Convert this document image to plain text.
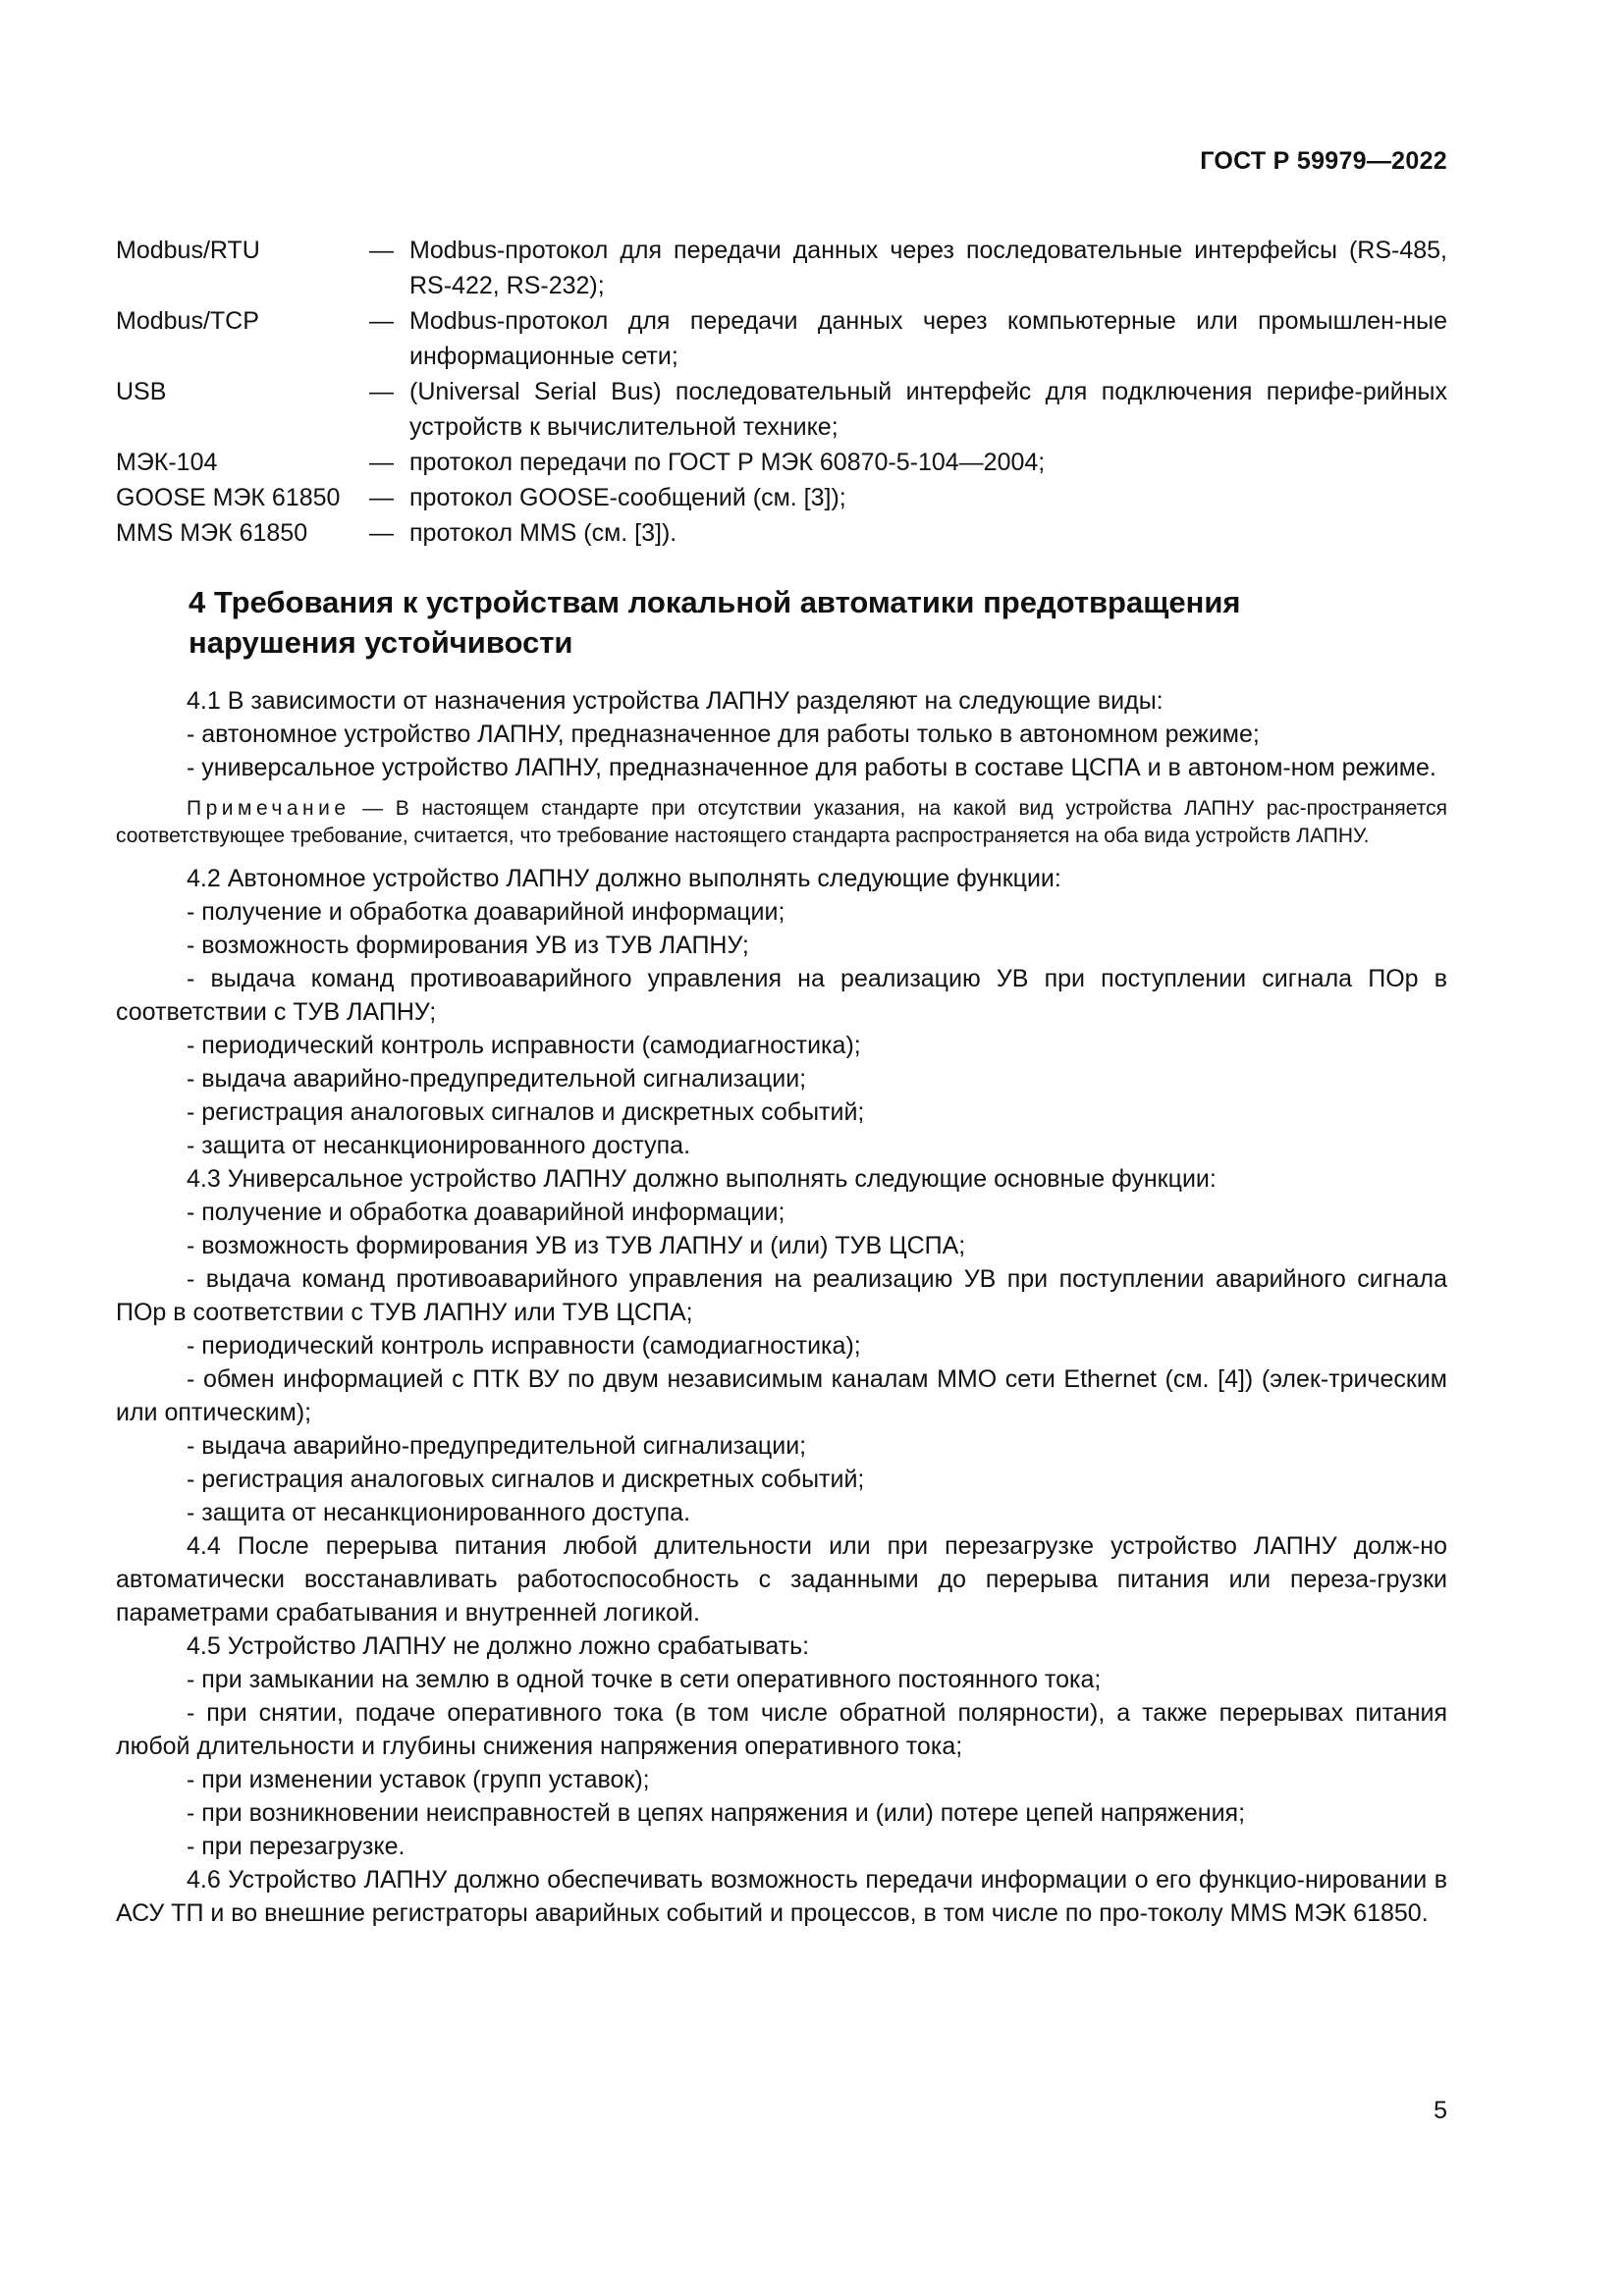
ГОСТ Р 59979—2022
Modbus/RTU	—	Modbus-протокол для передачи данных через последовательные интерфейсы (RS-485, RS-422, RS-232);
Modbus/TCP	—	Modbus-протокол для передачи данных через компьютерные или промышлен-ные информационные сети;
USB	—	(Universal Serial Bus) последовательный интерфейс для подключения перифе-рийных устройств к вычислительной технике;
МЭК-104	—	протокол передачи по ГОСТ Р МЭК 60870-5-104—2004;
GOOSE МЭК 61850	—	протокол GOOSE-сообщений (см. [3]);
MMS МЭК 61850	—	протокол MMS (см. [3]).
4 Требования к устройствам локальной автоматики предотвращения нарушения устойчивости

4.1 В зависимости от назначения устройства ЛАПНУ разделяют на следующие виды:

- автономное устройство ЛАПНУ, предназначенное для работы только в автономном режиме;

- универсальное устройство ЛАПНУ, предназначенное для работы в составе ЦСПА и в автоном-ном режиме.

Примечание — В настоящем стандарте при отсутствии указания, на какой вид устройства ЛАПНУ рас-пространяется соответствующее требование, считается, что требование настоящего стандарта распространяется на оба вида устройств ЛАПНУ.

4.2 Автономное устройство ЛАПНУ должно выполнять следующие функции:

- получение и обработка доаварийной информации;

- возможность формирования УВ из ТУВ ЛАПНУ;

- выдача команд противоаварийного управления на реализацию УВ при поступлении сигнала ПОр в соответствии с ТУВ ЛАПНУ;

- периодический контроль исправности (самодиагностика);

- выдача аварийно-предупредительной сигнализации;

- регистрация аналоговых сигналов и дискретных событий;

- защита от несанкционированного доступа.

4.3 Универсальное устройство ЛАПНУ должно выполнять следующие основные функции:

- получение и обработка доаварийной информации;

- возможность формирования УВ из ТУВ ЛАПНУ и (или) ТУВ ЦСПА;

- выдача команд противоаварийного управления на реализацию УВ при поступлении аварийного сигнала ПОр в соответствии с ТУВ ЛАПНУ или ТУВ ЦСПА;

- периодический контроль исправности (самодиагностика);

- обмен информацией с ПТК ВУ по двум независимым каналам ММО сети Ethernet (см. [4]) (элек-трическим или оптическим);

- выдача аварийно-предупредительной сигнализации;

- регистрация аналоговых сигналов и дискретных событий;

- защита от несанкционированного доступа.

4.4 После перерыва питания любой длительности или при перезагрузке устройство ЛАПНУ долж-но автоматически восстанавливать работоспособность с заданными до перерыва питания или переза-грузки параметрами срабатывания и внутренней логикой.

4.5 Устройство ЛАПНУ не должно ложно срабатывать:

- при замыкании на землю в одной точке в сети оперативного постоянного тока;

- при снятии, подаче оперативного тока (в том числе обратной полярности), а также перерывах питания любой длительности и глубины снижения напряжения оперативного тока;

- при изменении уставок (групп уставок);

- при возникновении неисправностей в цепях напряжения и (или) потере цепей напряжения;

- при перезагрузке.

4.6 Устройство ЛАПНУ должно обеспечивать возможность передачи информации о его функцио-нировании в АСУ ТП и во внешние регистраторы аварийных событий и процессов, в том числе по про-токолу MMS МЭК 61850.

5
